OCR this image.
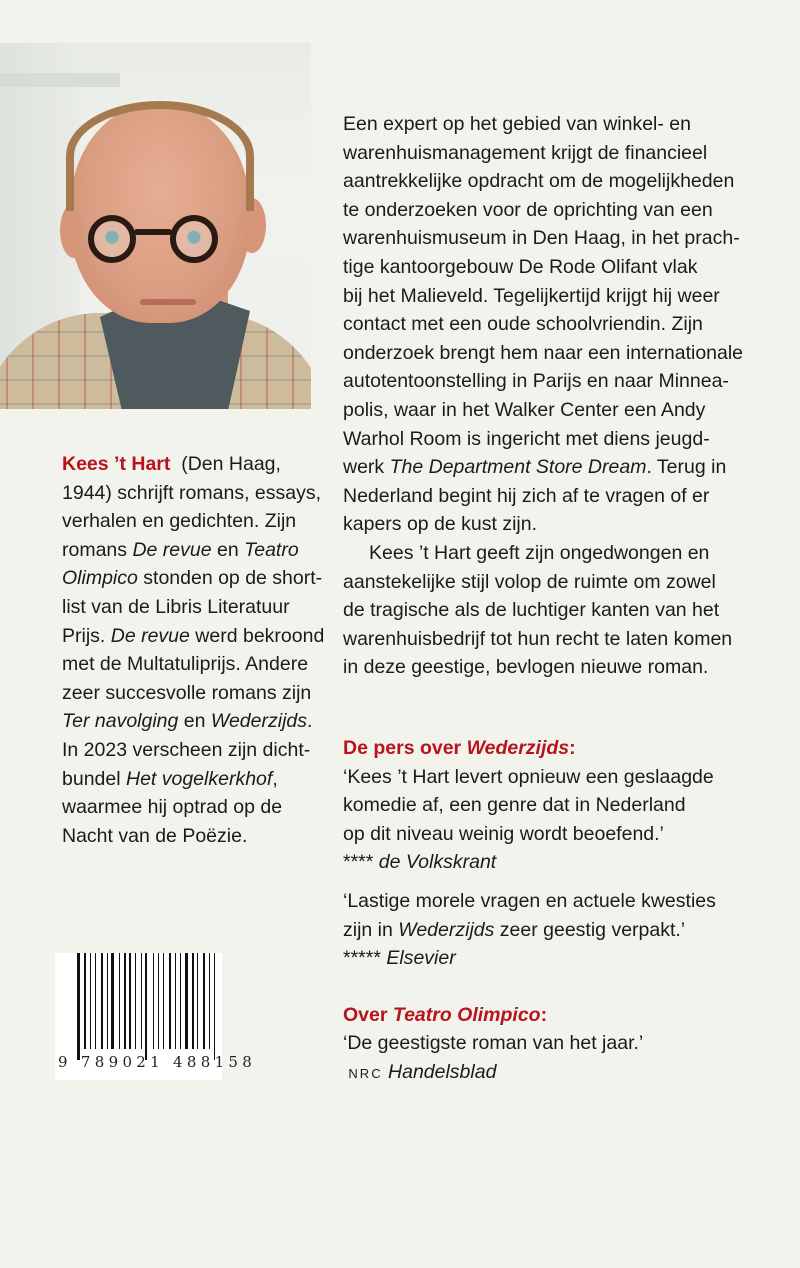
Kees ’t Hart (Den Haag,
1944) schrijft romans, essays,
verhalen en gedichten. Zijn
romans De revue en Teatro
Olimpico stonden op de short-
list van de Libris Literatuur
Prijs. De revue werd bekroond
met de Multatuliprijs. Andere
zeer succesvolle romans zijn
Ter navolging en Wederzijds.
In 2023 verscheen zijn dicht-
bundel Het vogelkerkhof,
waarmee hij optrad op de
Nacht van de Poëzie.
9 789021 488158
Een expert op het gebied van winkel- en
warenhuismanagement krijgt de financieel
aantrekkelijke opdracht om de mogelijkheden
te onderzoeken voor de oprichting van een
warenhuismuseum in Den Haag, in het prach-
tige kantoorgebouw De Rode Olifant vlak
bij het Malieveld. Tegelijkertijd krijgt hij weer
contact met een oude schoolvriendin. Zijn
onderzoek brengt hem naar een internationale
autotentoonstelling in Parijs en naar Minnea-
polis, waar in het Walker Center een Andy
Warhol Room is ingericht met diens jeugd-
werk The Department Store Dream. Terug in
Nederland begint hij zich af te vragen of er
kapers op de kust zijn.
Kees ’t Hart geeft zijn ongedwongen en
aanstekelijke stijl volop de ruimte om zowel
de tragische als de luchtiger kanten van het
warenhuisbedrijf tot hun recht te laten komen
in deze geestige, bevlogen nieuwe roman.
De pers over Wederzijds:
‘Kees ’t Hart levert opnieuw een geslaagde
komedie af, een genre dat in Nederland
op dit niveau weinig wordt beoefend.’
**** de Volkskrant
‘Lastige morele vragen en actuele kwesties
zijn in Wederzijds zeer geestig verpakt.’
***** Elsevier
Over Teatro Olimpico:
‘De geestigste roman van het jaar.’
NRC Handelsblad
